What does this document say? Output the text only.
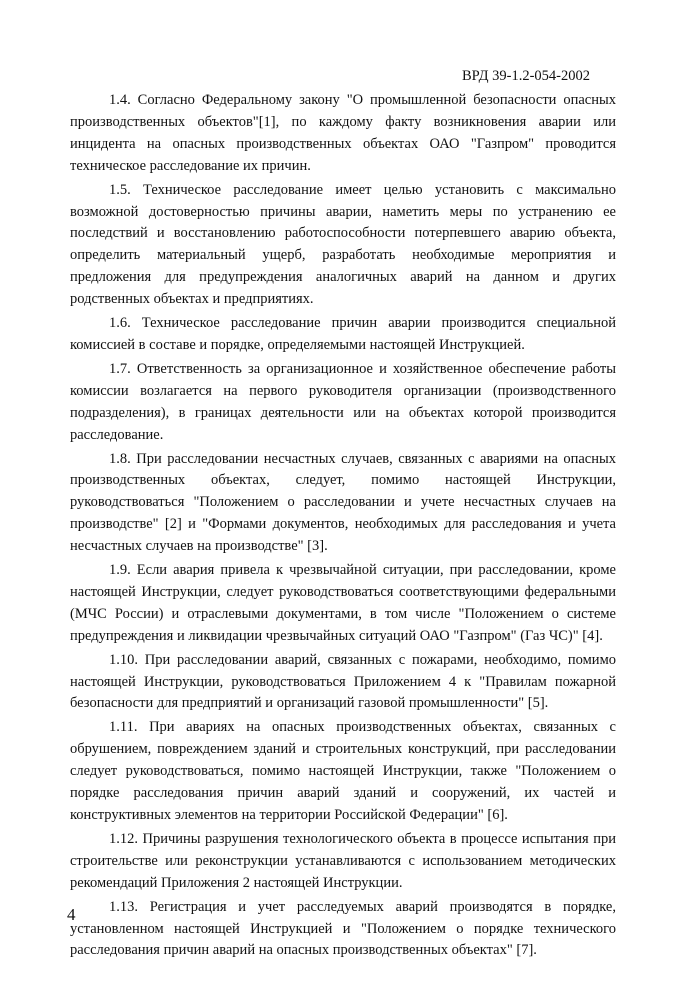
ВРД 39-1.2-054-2002

1.4. Согласно Федеральному закону "О промышленной безопасности опасных производственных объектов"[1], по каждому факту возникновения аварии или инцидента на опасных производственных объектах ОАО "Газпром" проводится техническое расследование их причин.

1.5. Техническое расследование имеет целью установить с максимально возможной достоверностью причины аварии, наметить меры по устранению ее последствий и восстановлению работоспособности потерпевшего аварию объекта, определить материальный ущерб, разработать необходимые мероприятия и предложения для предупреждения аналогичных аварий на данном и других родственных объектах и предприятиях.

1.6. Техническое расследование причин аварии производится специальной комиссией в составе и порядке, определяемыми настоящей Инструкцией.

1.7. Ответственность за организационное и хозяйственное обеспечение работы комиссии возлагается на первого руководителя организации (производственного подразделения), в границах деятельности или на объектах которой производится расследование.

1.8. При расследовании несчастных случаев, связанных с авариями на опасных производственных объектах, следует, помимо настоящей Инструкции, руководствоваться "Положением о расследовании и учете несчастных случаев на производстве" [2] и "Формами документов, необходимых для расследования и учета несчастных случаев на производстве" [3].

1.9. Если авария привела к чрезвычайной ситуации, при расследовании, кроме настоящей Инструкции, следует руководствоваться соответствующими федеральными (МЧС России) и отраслевыми документами, в том числе "Положением о системе предупреждения и ликвидации чрезвычайных ситуаций ОАО "Газпром" (Газ ЧС)" [4].

1.10. При расследовании аварий, связанных с пожарами, необходимо, помимо настоящей Инструкции, руководствоваться Приложением 4 к "Правилам пожарной безопасности для предприятий и организаций газовой промышленности" [5].

1.11. При авариях на опасных производственных объектах, связанных с обрушением, повреждением зданий и строительных конструкций, при расследовании следует руководствоваться, помимо настоящей Инструкции, также "Положением о порядке расследования причин аварий зданий и сооружений, их частей и конструктивных элементов на территории Российской Федерации" [6].

1.12. Причины разрушения технологического объекта в процессе испытания при строительстве или реконструкции устанавливаются с использованием методических рекомендаций Приложения 2 настоящей Инструкции.

1.13. Регистрация и учет расследуемых аварий производятся в порядке, установленном настоящей Инструкцией и "Положением о порядке технического расследования причин аварий на опасных производственных объектах" [7].

4
